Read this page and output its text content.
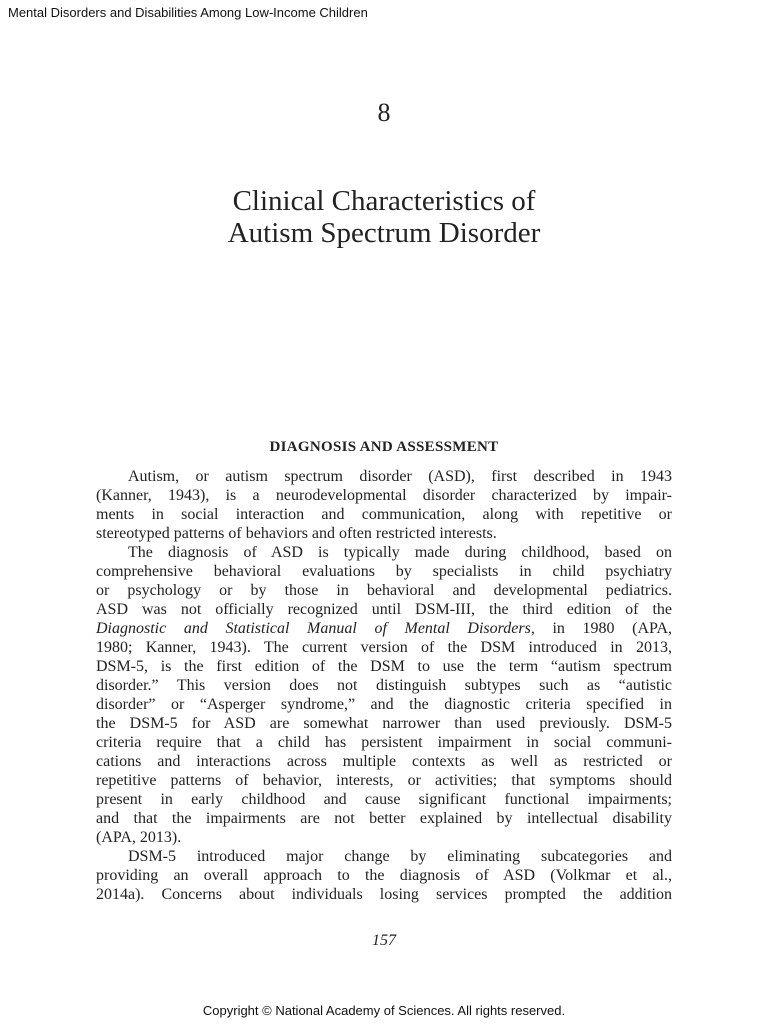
Mental Disorders and Disabilities Among Low-Income Children
8
Clinical Characteristics of
Autism Spectrum Disorder
DIAGNOSIS AND ASSESSMENT
Autism, or autism spectrum disorder (ASD), first described in 1943
(Kanner, 1943), is a neurodevelopmental disorder characterized by impair-
ments in social interaction and communication, along with repetitive or
stereotyped patterns of behaviors and often restricted interests.
The diagnosis of ASD is typically made during childhood, based on
comprehensive behavioral evaluations by specialists in child psychiatry
or psychology or by those in behavioral and developmental pediatrics.
ASD was not officially recognized until DSM-III, the third edition of the
Diagnostic and Statistical Manual of Mental Disorders, in 1980 (APA,
1980; Kanner, 1943). The current version of the DSM introduced in 2013,
DSM-5, is the first edition of the DSM to use the term “autism spectrum
disorder.” This version does not distinguish subtypes such as “autistic
disorder” or “Asperger syndrome,” and the diagnostic criteria specified in
the DSM-5 for ASD are somewhat narrower than used previously. DSM-5
criteria require that a child has persistent impairment in social communi-
cations and interactions across multiple contexts as well as restricted or
repetitive patterns of behavior, interests, or activities; that symptoms should
present in early childhood and cause significant functional impairments;
and that the impairments are not better explained by intellectual disability
(APA, 2013).
DSM-5 introduced major change by eliminating subcategories and
providing an overall approach to the diagnosis of ASD (Volkmar et al.,
2014a). Concerns about individuals losing services prompted the addition
157
Copyright © National Academy of Sciences. All rights reserved.
